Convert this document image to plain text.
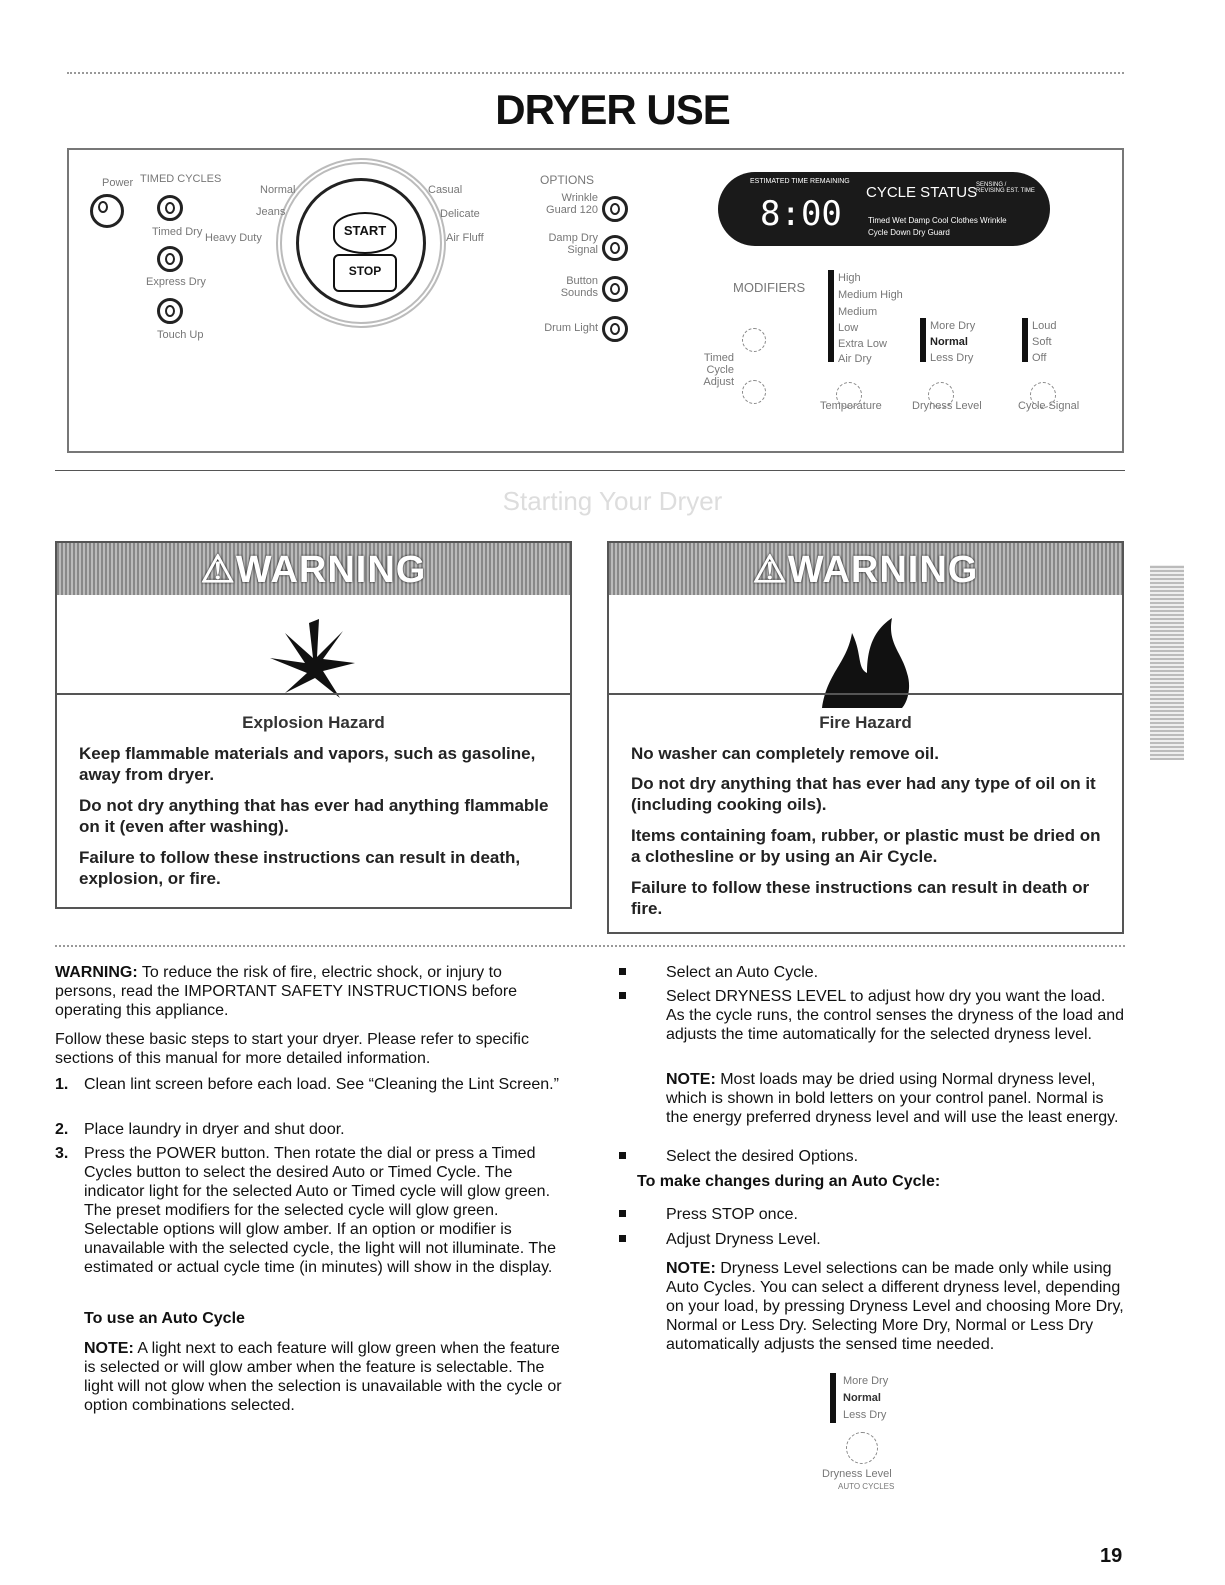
DRYER USE
Power TIMED CYCLES
Timed Dry
Express Dry
Touch Up
Normal
Jeans
Heavy Duty
Casual
Delicate
Air Fluff
START
STOP
OPTIONS
Wrinkle Guard 120
Damp Dry Signal
Button Sounds
Drum Light
ESTIMATED TIME REMAINING
8:00
CYCLE STATUS
SENSING / REVISING EST. TIME
Timed Wet Damp Cool Clothes Wrinkle
Cycle Down Dry Guard
MODIFIERS
High
Medium High
Medium
Low
Extra Low
Air Dry
More Dry
Normal
Less Dry
Loud
Soft
Off
Timed Cycle Adjust
Temperature	Dryness Level	Cycle Signal
Starting Your Dryer
⚠WARNING
Explosion Hazard
Keep flammable materials and vapors, such as gasoline, away from dryer.
Do not dry anything that has ever had anything flammable on it (even after washing).
Failure to follow these instructions can result in death, explosion, or fire.
⚠WARNING
Fire Hazard
No washer can completely remove oil.
Do not dry anything that has ever had any type of oil on it (including cooking oils).
Items containing foam, rubber, or plastic must be dried on a clothesline or by using an Air Cycle.
Failure to follow these instructions can result in death or fire.
WARNING: To reduce the risk of fire, electric shock, or injury to persons, read the IMPORTANT SAFETY INSTRUCTIONS before operating this appliance.
Follow these basic steps to start your dryer. Please refer to specific sections of this manual for more detailed information.
1. Clean lint screen before each load. See “Cleaning the Lint Screen.”
2. Place laundry in dryer and shut door.
3. Press the POWER button. Then rotate the dial or press a Timed Cycles button to select the desired Auto or Timed Cycle. The indicator light for the selected Auto or Timed cycle will glow green. The preset modifiers for the selected cycle will glow green. Selectable options will glow amber. If an option or modifier is unavailable with the selected cycle, the light will not illuminate. The estimated or actual cycle time (in minutes) will show in the display.
To use an Auto Cycle
NOTE: A light next to each feature will glow green when the feature is selected or will glow amber when the feature is selectable. The light will not glow when the selection is unavailable with the cycle or option combinations selected.
Select an Auto Cycle.
Select DRYNESS LEVEL to adjust how dry you want the load. As the cycle runs, the control senses the dryness of the load and adjusts the time automatically for the selected dryness level.
NOTE: Most loads may be dried using Normal dryness level, which is shown in bold letters on your control panel. Normal is the energy preferred dryness level and will use the least energy.
Select the desired Options.
To make changes during an Auto Cycle:
Press STOP once.
Adjust Dryness Level.
NOTE: Dryness Level selections can be made only while using Auto Cycles. You can select a different dryness level, depending on your load, by pressing Dryness Level and choosing More Dry, Normal or Less Dry. Selecting More Dry, Normal or Less Dry automatically adjusts the sensed time needed.
More Dry
Normal
Less Dry
Dryness Level
AUTO CYCLES
19
